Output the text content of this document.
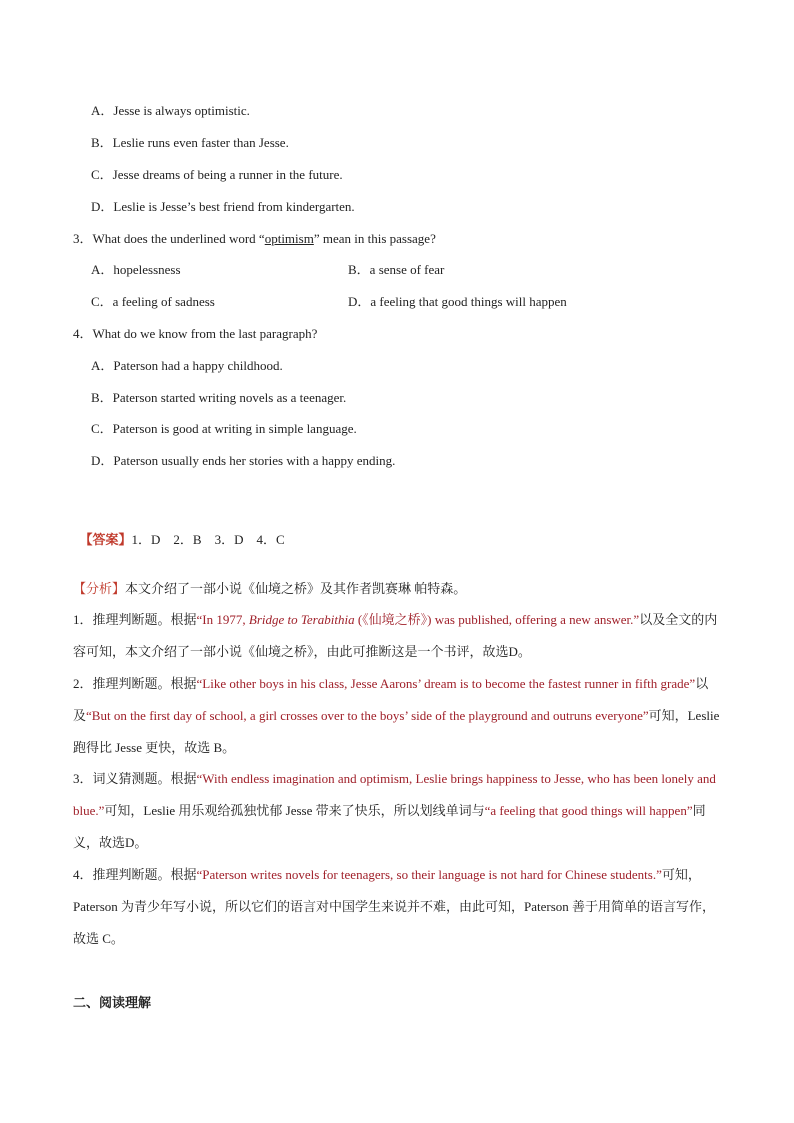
A．Jesse is always optimistic.
B．Leslie runs even faster than Jesse.
C．Jesse dreams of being a runner in the future.
D．Leslie is Jesse’s best friend from kindergarten.
3．What does the underlined word “optimism” mean in this passage?
A．hopelessness	B．a sense of fear
C．a feeling of sadness	D．a feeling that good things will happen
4．What do we know from the last paragraph?
A．Paterson had a happy childhood.
B．Paterson started writing novels as a teenager.
C．Paterson is good at writing in simple language.
D．Paterson usually ends her stories with a happy ending.

【答案】1．D    2．B    3．D    4．C

【分析】本文介绍了一部小说《仙境之桥》及其作者凯赛琳 帕特森。
1．推理判断题。根据“In 1977, Bridge to Terabithia (《仙境之桥》) was published, offering a new answer.”以及全文的内容可知，本文介绍了一部小说《仙境之桥》，由此可推断这是一个书评，故选D。
2．推理判断题。根据“Like other boys in his class, Jesse Aarons’ dream is to become the fastest runner in fifth grade”以及“But on the first day of school, a girl crosses over to the boys’ side of the playground and outruns everyone”可知，Leslie 跑得比 Jesse 更快，故选 B。
3．词义猜测题。根据“With endless imagination and optimism, Leslie brings happiness to Jesse, who has been lonely and blue.”可知，Leslie 用乐观给孤独忧郁 Jesse 带来了快乐，所以划线单词与“a feeling that good things will happen”同义，故选D。
4．推理判断题。根据“Paterson writes novels for teenagers, so their language is not hard for Chinese students.”可知，Paterson 为青少年写小说，所以它们的语言对中国学生来说并不难，由此可知，Paterson 善于用简单的语言写作，故选 C。
二、阅读理解
